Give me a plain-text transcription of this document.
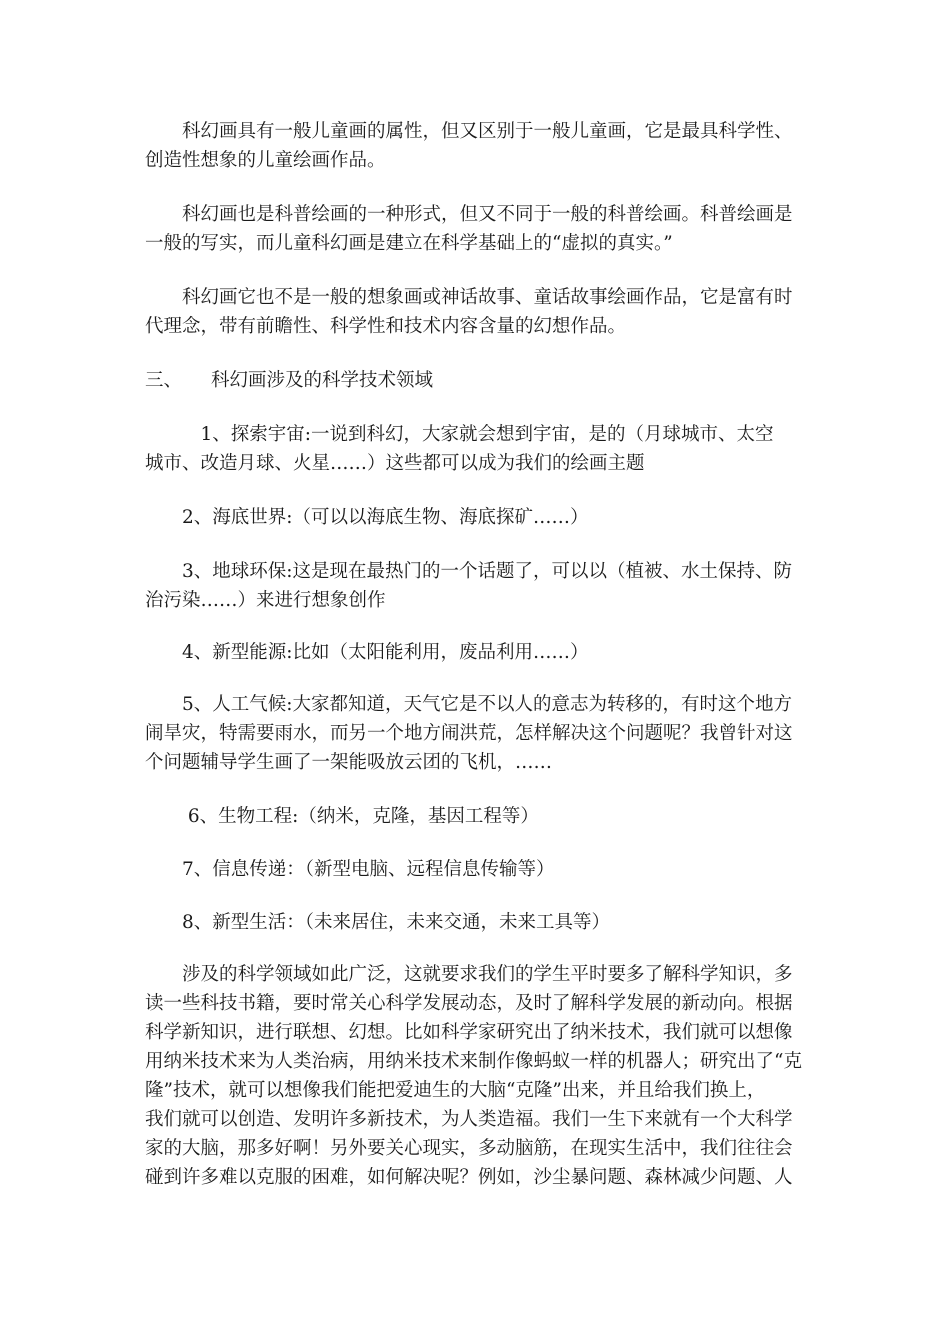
　　科幻画具有一般儿童画的属性，但又区别于一般儿童画，它是最具科学性、
创造性想象的儿童绘画作品。
　　科幻画也是科普绘画的一种形式，但又不同于一般的科普绘画。科普绘画是
一般的写实，而儿童科幻画是建立在科学基础上的“虚拟的真实。”
　　科幻画它也不是一般的想象画或神话故事、童话故事绘画作品，它是富有时
代理念，带有前瞻性、科学性和技术内容含量的幻想作品。
三、 科幻画涉及的科学技术领域
　　　1、探索宇宙:一说到科幻，大家就会想到宇宙，是的（月球城市、太空
城市、改造月球、火星……）这些都可以成为我们的绘画主题
　　2、海底世界:（可以以海底生物、海底探矿……）
　　3、地球环保:这是现在最热门的一个话题了，可以以（植被、水土保持、防
治污染……）来进行想象创作
　　4、新型能源:比如（太阳能利用，废品利用……）
　　5、人工气候:大家都知道，天气它是不以人的意志为转移的，有时这个地方
闹旱灾，特需要雨水，而另一个地方闹洪荒，怎样解决这个问题呢？我曾针对这
个问题辅导学生画了一架能吸放云团的飞机，……
　　 6、生物工程:（纳米，克隆，基因工程等）
　　7、信息传递：（新型电脑、远程信息传输等）
　　8、新型生活：（未来居住，未来交通，未来工具等）
　　涉及的科学领域如此广泛，这就要求我们的学生平时要多了解科学知识，多
读一些科技书籍，要时常关心科学发展动态，及时了解科学发展的新动向。根据
科学新知识，进行联想、幻想。比如科学家研究出了纳米技术，我们就可以想像
用纳米技术来为人类治病，用纳米技术来制作像蚂蚁一样的机器人；研究出了“克
隆”技术，就可以想像我们能把爱迪生的大脑“克隆”出来，并且给我们换上，
我们就可以创造、发明许多新技术，为人类造福。我们一生下来就有一个大科学
家的大脑，那多好啊！另外要关心现实，多动脑筋，在现实生活中，我们往往会
碰到许多难以克服的困难，如何解决呢？例如，沙尘暴问题、森林减少问题、人
